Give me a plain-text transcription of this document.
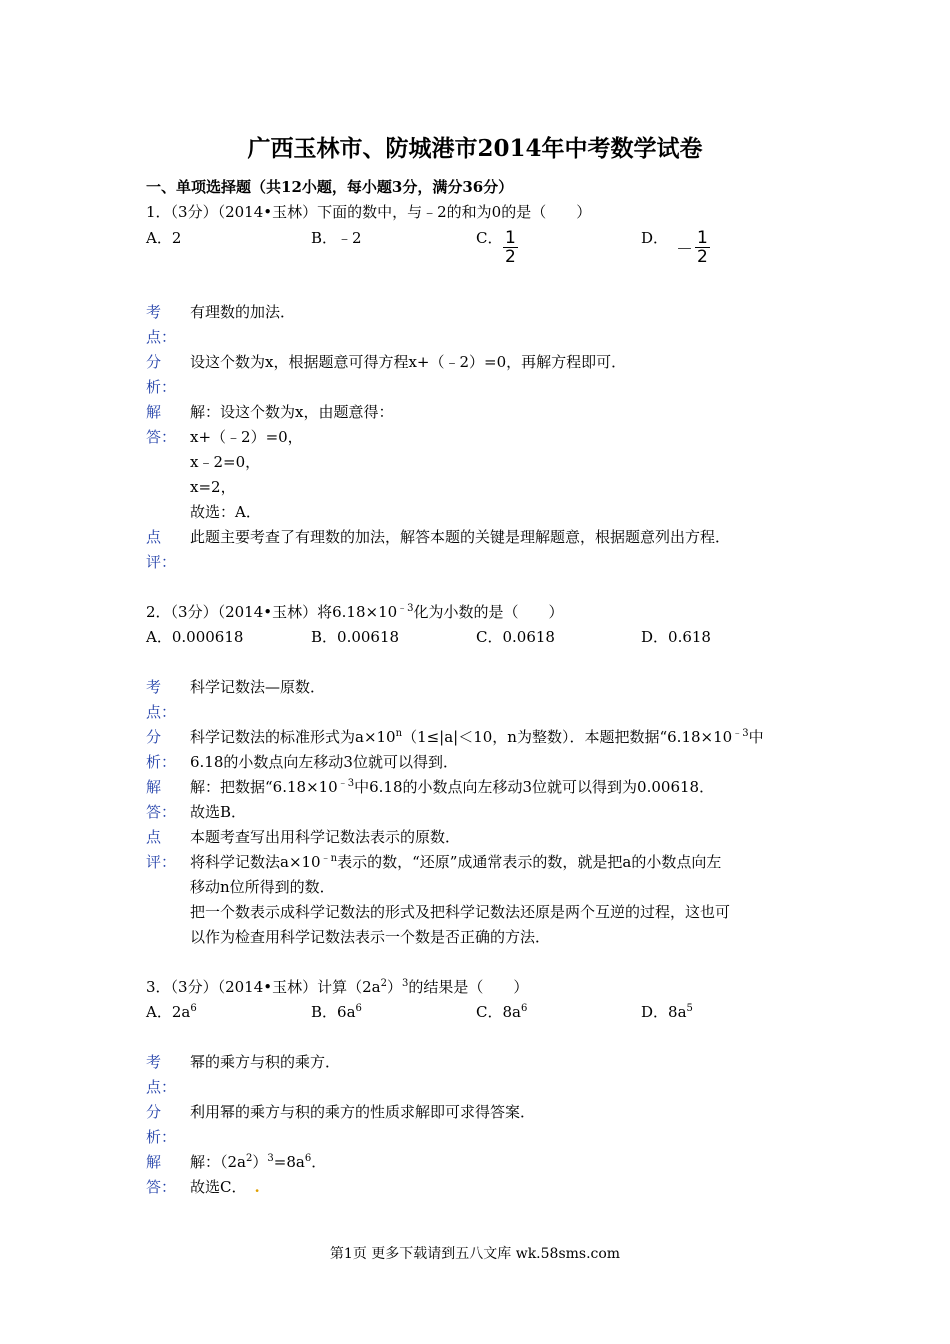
广西玉林市、防城港市2014年中考数学试卷
一、单项选择题（共12小题，每小题3分，满分36分）
1．（3分）（2014•玉林）下面的数中，与﹣2的和为0的是（　　）
A．2	B．﹣2	C． $\frac{1}{2}$	D．
－ $\frac{1}{2}$
考
点：
有理数的加法．
分
析：
设这个数为x，根据题意可得方程x+（﹣2）=0，再解方程即可．
解
答：
解：设这个数为x，由题意得：
x+（﹣2）=0，
x﹣2=0，
x=2，
故选：A．
点
评：
此题主要考查了有理数的加法，解答本题的关键是理解题意，根据题意列出方程．
2．（3分）（2014•玉林）将$6.18\times 10^{﹣3}$化为小数的是（　　）
A．0.000618	B．0.00618	C．0.0618	D．0.618
考
点：
科学记数法—原数．
分
析：
科学记数法的标准形式为$a\times 10^n(1\le|a|<10$，n为整数）．本题把数据“$6.18\times 10^{﹣3}$中
6.18的小数点向左移动3位就可以得到．
解
答：
解：把数据“$6.18\times 10^{﹣3}$中6.18的小数点向左移动3位就可以得到为0.00618．
故选B．
点
评：
本题考查写出用科学记数法表示的原数．
将科学记数法$a\times 10^{﹣n}$表示的数，“还原”成通常表示的数，就是把a的小数点向左
移动n位所得到的数．
把一个数表示成科学记数法的形式及把科学记数法还原是两个互逆的过程，这也可
以作为检查用科学记数法表示一个数是否正确的方法．
3．（3分）（2014•玉林）计算$(2a^2)^3$的结果是（　　）
A．$2a^6$	B．$6a^6$	C．$8a^6$	D．$8a^5$
考
点：
幂的乘方与积的乘方．
分
析：
利用幂的乘方与积的乘方的性质求解即可求得答案．
解
答：
解：$(2a^2)^3=8a^6$．
故选C． .
第1页 更多下载请到五八文库 wk.58sms.com
